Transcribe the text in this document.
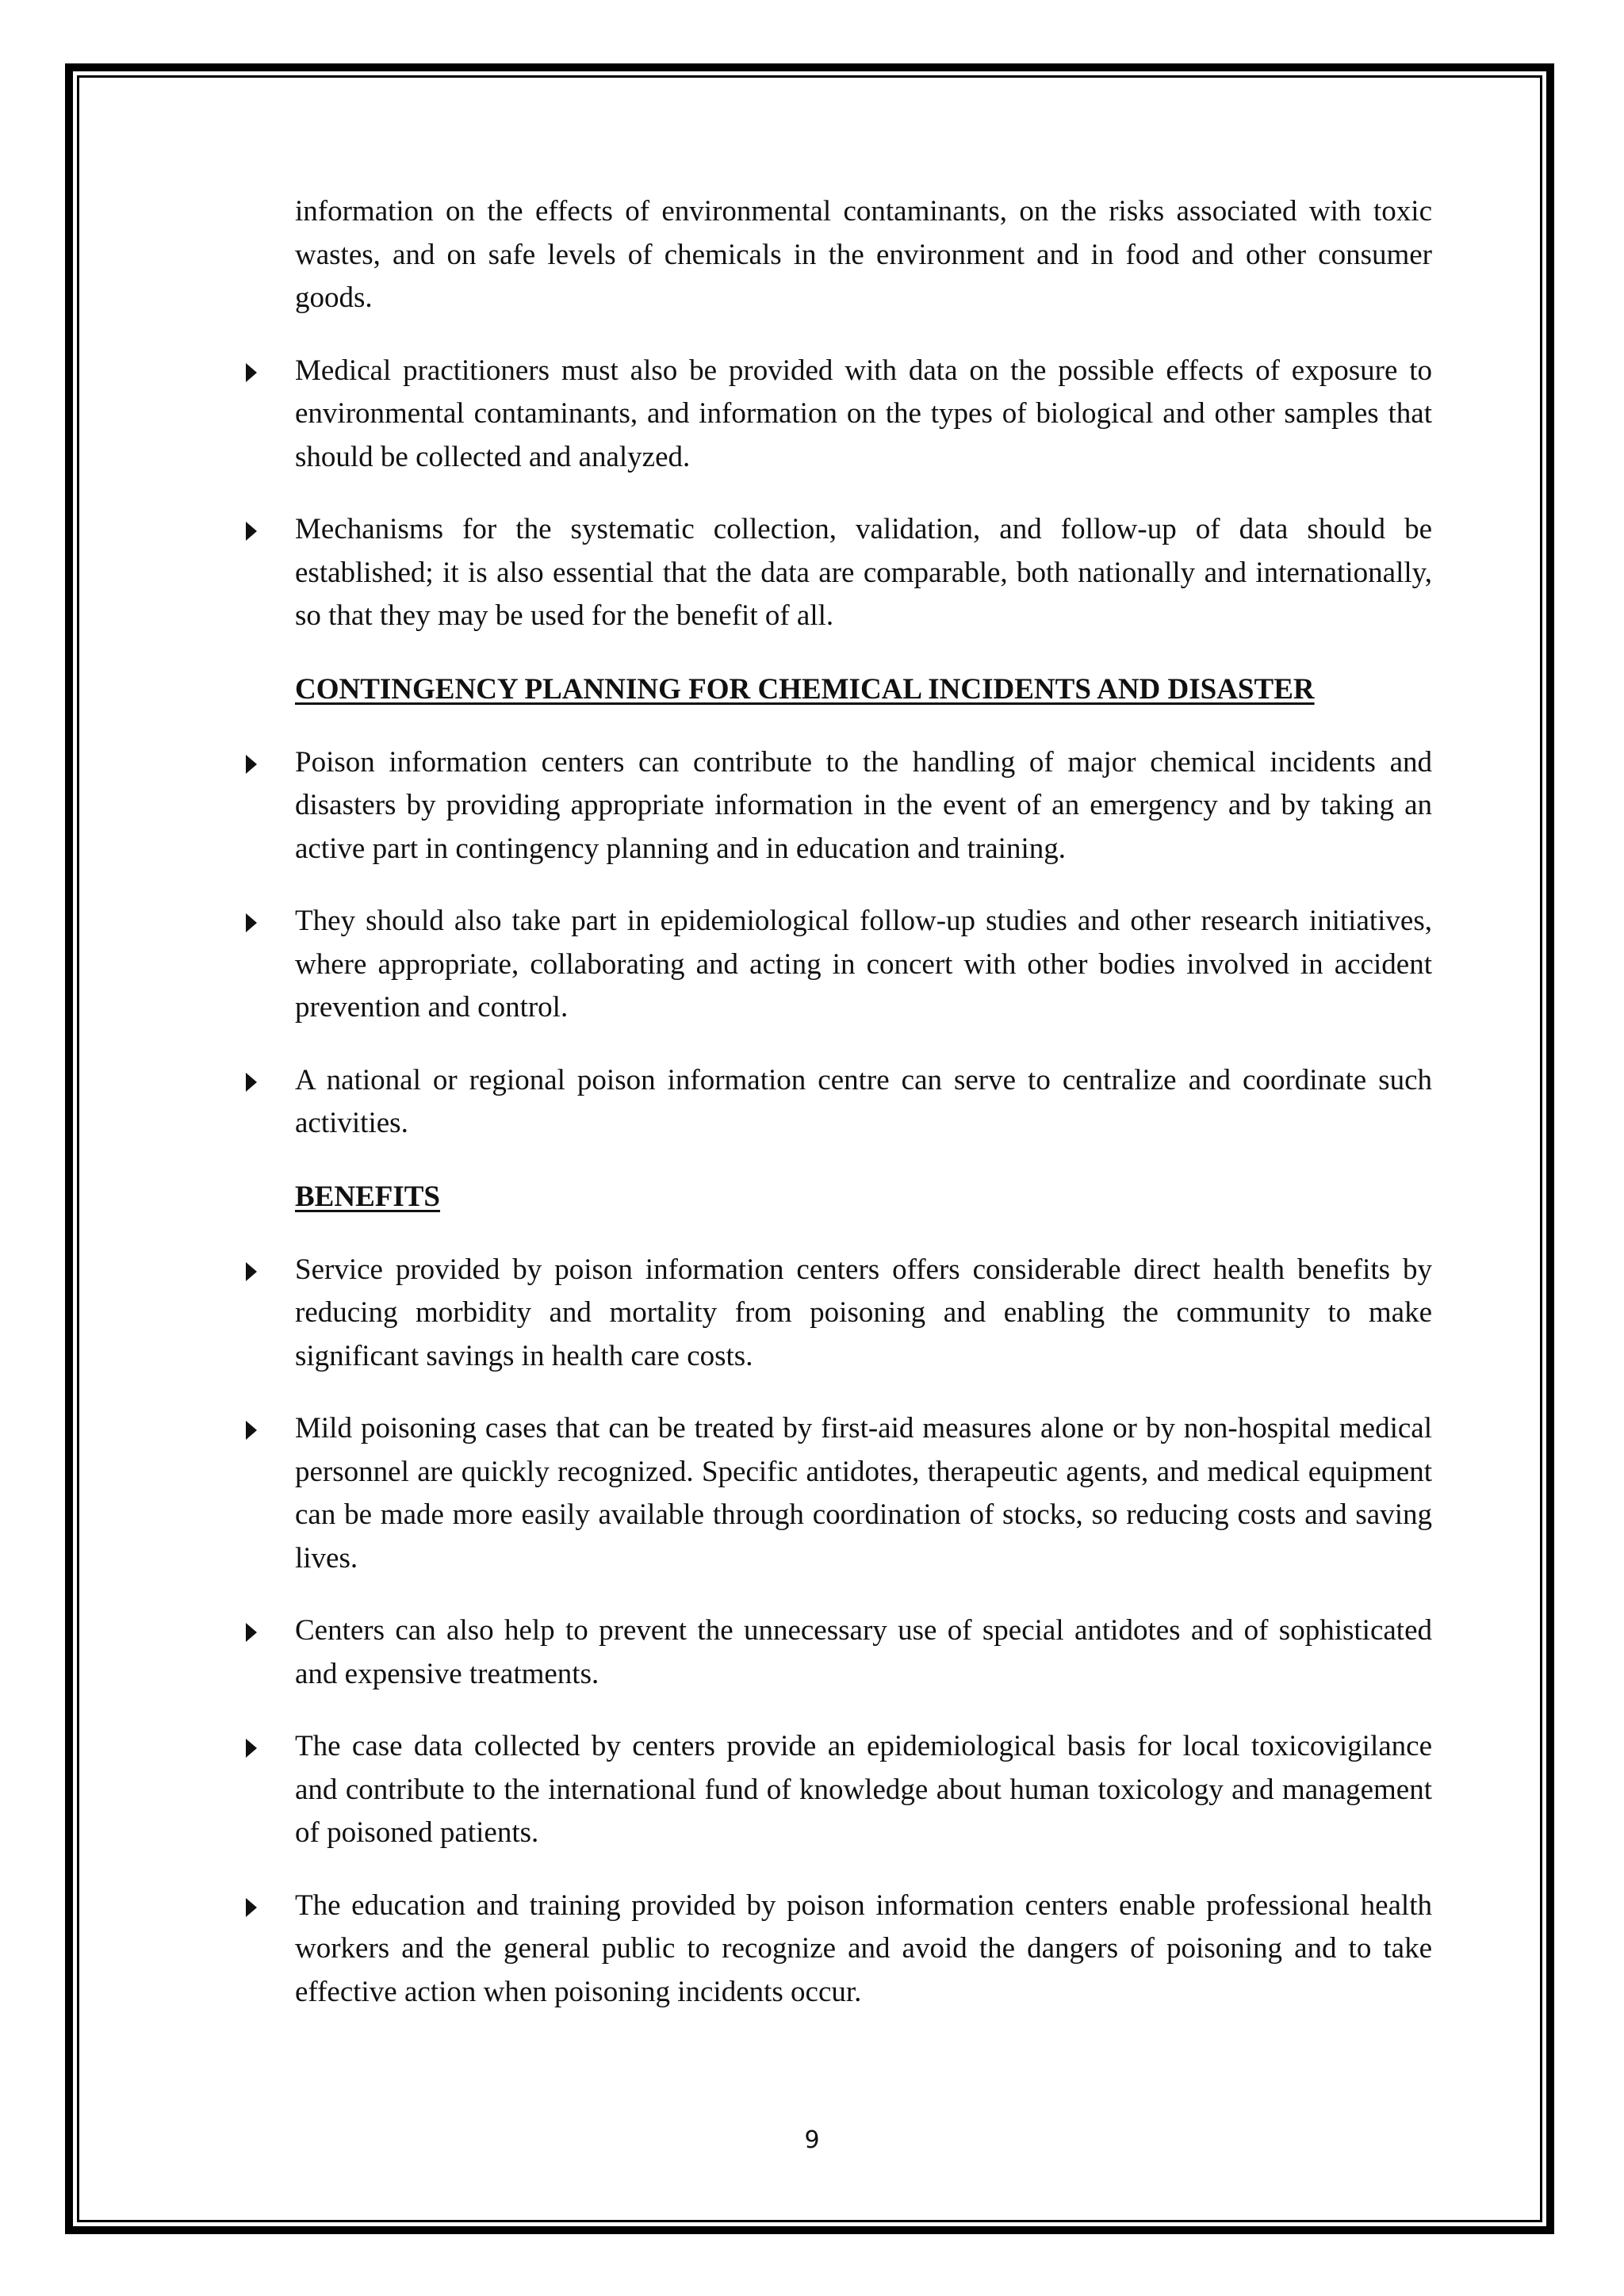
information on the effects of environmental contaminants, on the risks associated with toxic wastes, and on safe levels of chemicals in the environment and in food and other consumer goods.

Medical practitioners must also be provided with data on the possible effects of exposure to environmental contaminants, and information on the types of biological and other samples that should be collected and analyzed.

Mechanisms for the systematic collection, validation, and follow-up of data should be established; it is also essential that the data are comparable, both nationally and internationally, so that they may be used for the benefit of all.

CONTINGENCY PLANNING FOR CHEMICAL INCIDENTS AND DISASTER

Poison information centers can contribute to the handling of major chemical incidents and disasters by providing appropriate information in the event of an emergency and by taking an active part in contingency planning and in education and training.

They should also take part in epidemiological follow-up studies and other research initiatives, where appropriate, collaborating and acting in concert with other bodies involved in accident prevention and control.

A national or regional poison information centre can serve to centralize and coordinate such activities.

BENEFITS

Service provided by poison information centers offers considerable direct health benefits by reducing morbidity and mortality from poisoning and enabling the community to make significant savings in health care costs.

Mild poisoning cases that can be treated by first-aid measures alone or by non-hospital medical personnel are quickly recognized. Specific antidotes, therapeutic agents, and medical equipment can be made more easily available through coordination of stocks, so reducing costs and saving lives.

Centers can also help to prevent the unnecessary use of special antidotes and of sophisticated and expensive treatments.

The case data collected by centers provide an epidemiological basis for local toxicovigilance and contribute to the international fund of knowledge about human toxicology and management of poisoned patients.

The education and training provided by poison information centers enable professional health workers and the general public to recognize and avoid the dangers of poisoning and to take effective action when poisoning incidents occur.

9
